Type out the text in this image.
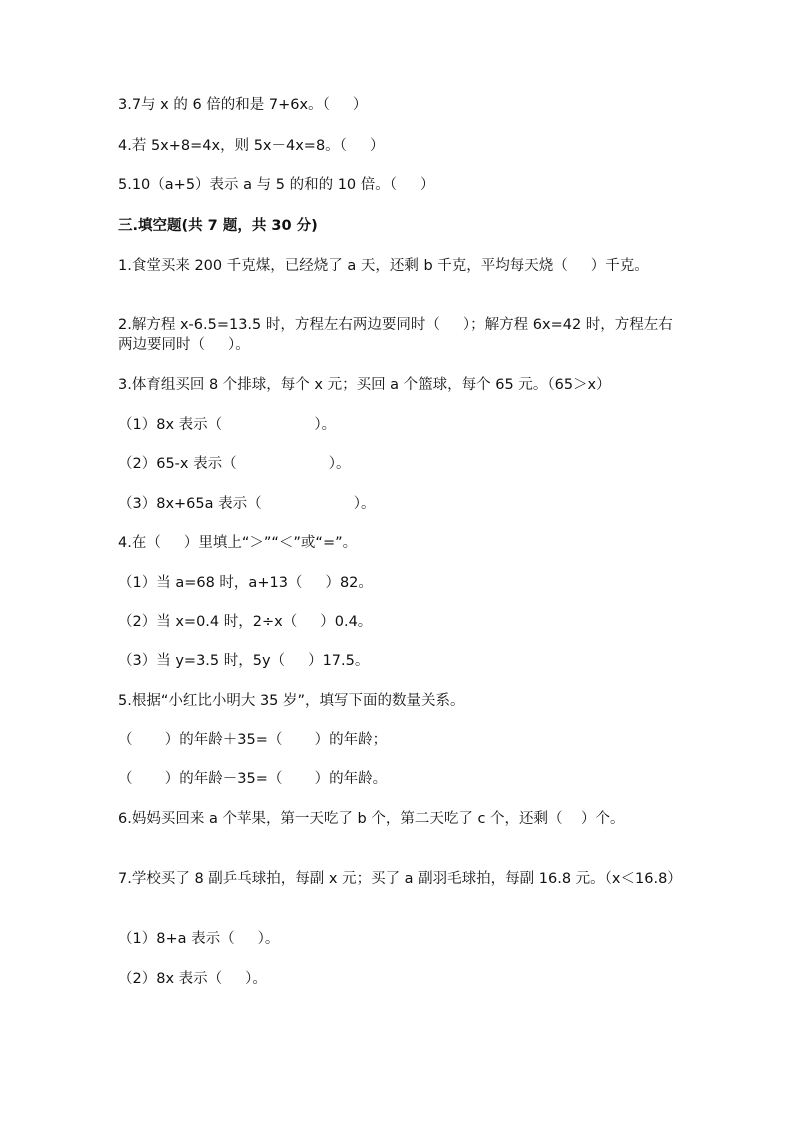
3.7与 x 的 6 倍的和是 7+6x。（     ）
4.若 5x+8=4x，则 5x－4x=8。（     ）
5.10（a+5）表示 a 与 5 的和的 10 倍。（     ）
三.填空题(共 7 题，共 30 分)
1.食堂买来 200 千克煤，已经烧了 a 天，还剩 b 千克，平均每天烧（     ）千克。
2.解方程 x-6.5=13.5 时，方程左右两边要同时（     ）；解方程 6x=42 时，方程左右两边要同时（     ）。
3.体育组买回 8 个排球，每个 x 元；买回 a 个篮球，每个 65 元。（65＞x）
（1）8x 表示（                    ）。
（2）65-x 表示（                    ）。
（3）8x+65a 表示（                    ）。
4.在（     ）里填上“＞”“＜”或“=”。
（1）当 a=68 时，a+13（     ）82。
（2）当 x=0.4 时，2÷x（     ）0.4。
（3）当 y=3.5 时，5y（     ）17.5。
5.根据“小红比小明大 35 岁”，填写下面的数量关系。
（       ）的年龄＋35=（       ）的年龄；
（       ）的年龄－35=（       ）的年龄。
6.妈妈买回来 a 个苹果，第一天吃了 b 个，第二天吃了 c 个，还剩（    ）个。
7.学校买了 8 副乒乓球拍，每副 x 元；买了 a 副羽毛球拍，每副 16.8 元。（x＜16.8）
（1）8+a 表示（     ）。
（2）8x 表示（     ）。
